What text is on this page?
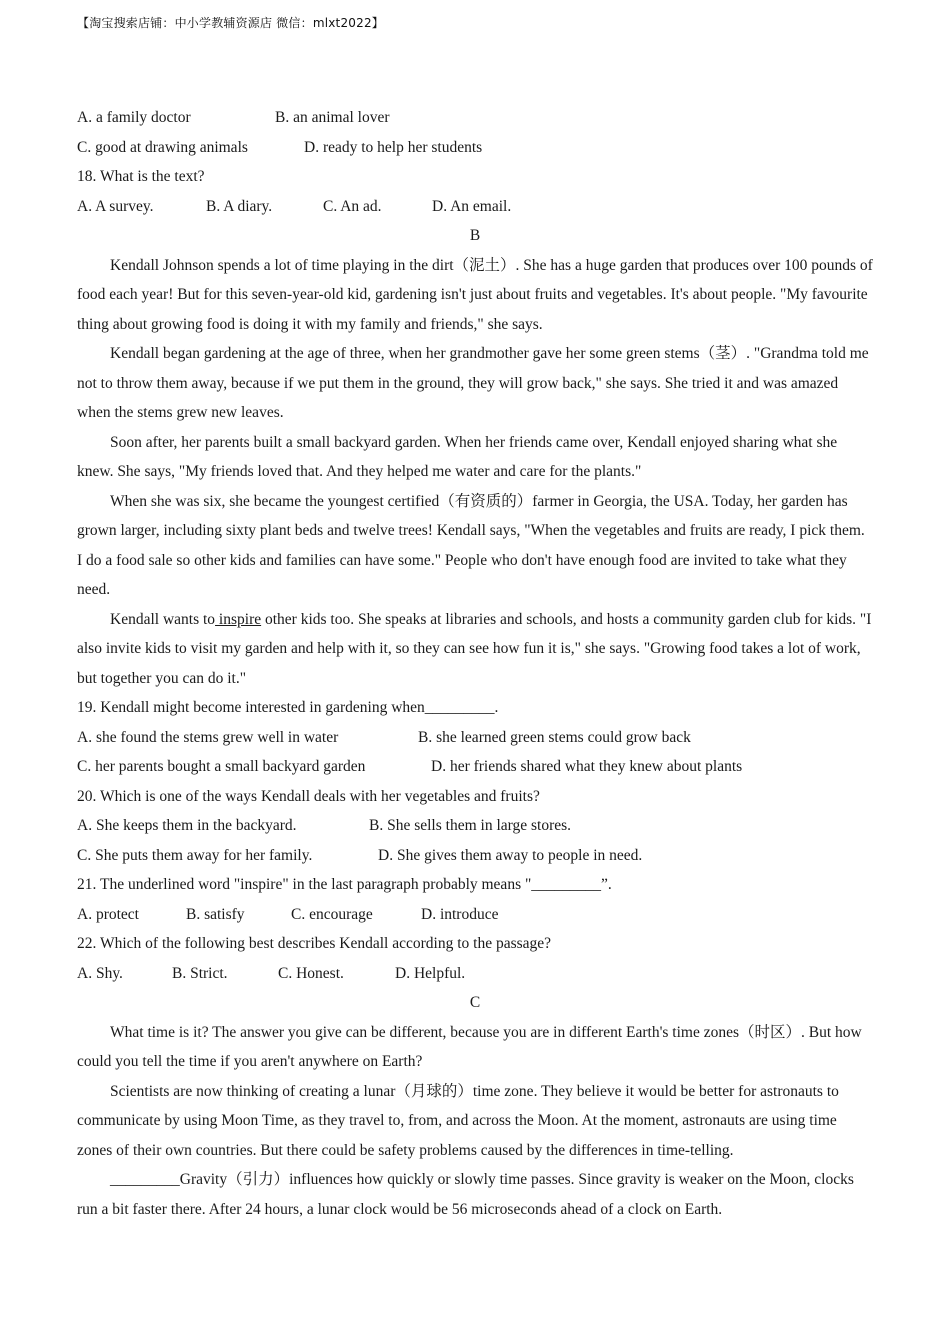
【淘宝搜索店铺：中小学教辅资源店 微信：mlxt2022】
A. a family doctor	B. an animal lover
C. good at drawing animals	D. ready to help her students
18. What is the text?
A. A survey.	B. A diary.	C. An ad.	D. An email.
B

Kendall Johnson spends a lot of time playing in the dirt（泥土）. She has a huge garden that produces over 100 pounds of food each year! But for this seven-year-old kid, gardening isn't just about fruits and vegetables. It's about people. "My favourite thing about growing food is doing it with my family and friends," she says.

Kendall began gardening at the age of three, when her grandmother gave her some green stems（茎）. "Grandma told me not to throw them away, because if we put them in the ground, they will grow back," she says. She tried it and was amazed when the stems grew new leaves.

Soon after, her parents built a small backyard garden. When her friends came over, Kendall enjoyed sharing what she knew. She says, "My friends loved that. And they helped me water and care for the plants."

When she was six, she became the youngest certified（有资质的）farmer in Georgia, the USA. Today, her garden has grown larger, including sixty plant beds and twelve trees! Kendall says, "When the vegetables and fruits are ready, I pick them. I do a food sale so other kids and families can have some." People who don't have enough food are invited to take what they need.

Kendall wants to inspire other kids too. She speaks at libraries and schools, and hosts a community garden club for kids. "I also invite kids to visit my garden and help with it, so they can see how fun it is," she says. "Growing food takes a lot of work, but together you can do it."

19. Kendall might become interested in gardening when_________.
A. she found the stems grew well in water	B. she learned green stems could grow back
C. her parents bought a small backyard garden	D. her friends shared what they knew about plants
20. Which is one of the ways Kendall deals with her vegetables and fruits?
A. She keeps them in the backyard.	B. She sells them in large stores.
C. She puts them away for her family.	D. She gives them away to people in need.
21. The underlined word "inspire" in the last paragraph probably means "_________”.
A. protect	B. satisfy	C. encourage	D. introduce
22. Which of the following best describes Kendall according to the passage?
A. Shy.	B. Strict.	C. Honest.	D. Helpful.
C

What time is it? The answer you give can be different, because you are in different Earth's time zones（时区）. But how could you tell the time if you aren't anywhere on Earth?

Scientists are now thinking of creating a lunar（月球的）time zone. They believe it would be better for astronauts to communicate by using Moon Time, as they travel to, from, and across the Moon. At the moment, astronauts are using time zones of their own countries. But there could be safety problems caused by the differences in time-telling.

_________Gravity（引力）influences how quickly or slowly time passes. Since gravity is weaker on the Moon, clocks run a bit faster there. After 24 hours, a lunar clock would be 56 microseconds ahead of a clock on Earth.
